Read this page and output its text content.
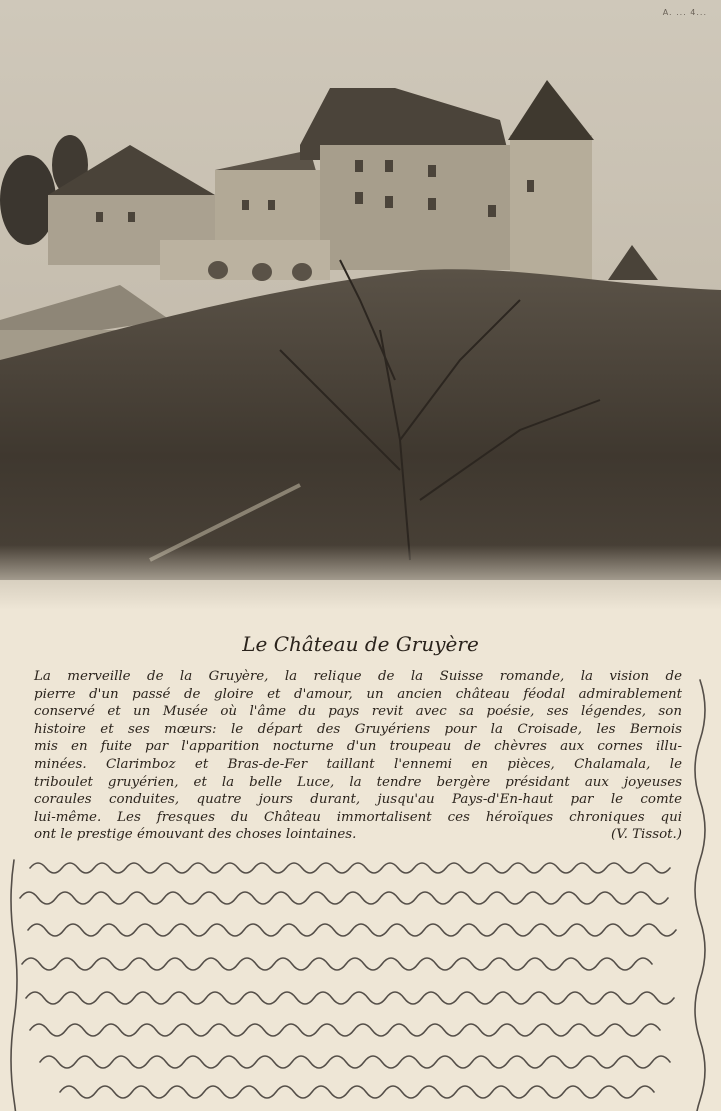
A. ... 4...
Le Château de Gruyère
La merveille de la Gruyère, la relique de la Suisse romande, la vision de
pierre d'un passé de gloire et d'amour, un ancien château féodal admirablement
conservé et un Musée où l'âme du pays revit avec sa poésie, ses légendes, son
histoire et ses mœurs: le départ des Gruyériens pour la Croisade, les Bernois
mis en fuite par l'apparition nocturne d'un troupeau de chèvres aux cornes illu-
minées. Clarimboz et Bras-de-Fer taillant l'ennemi en pièces, Chalamala, le
triboulet gruyérien, et la belle Luce, la tendre bergère présidant aux joyeuses
coraules conduites, quatre jours durant, jusqu'au Pays-d'En-haut par le comte
lui-même. Les fresques du Château immortalisent ces héroïques chroniques qui
ont le prestige émouvant des choses lointaines.	(V. Tissot.)
